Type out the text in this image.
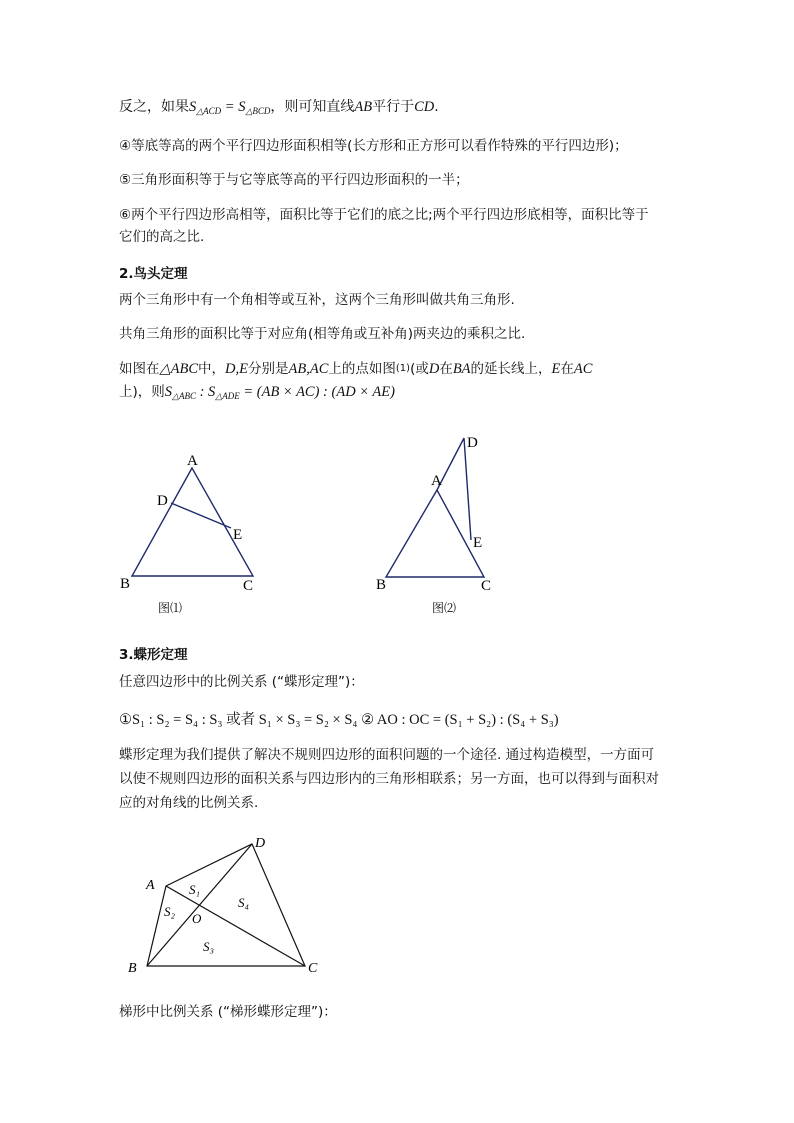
反之，如果$S_{\triangle ACD} = S_{\triangle BCD}$，则可知直线AB平行于CD.
④等底等高的两个平行四边形面积相等(长方形和正方形可以看作特殊的平行四边形)；
⑤三角形面积等于与它等底等高的平行四边形面积的一半；
⑥两个平行四边形高相等，面积比等于它们的底之比;两个平行四边形底相等，面积比等于
它们的高之比.
2.鸟头定理
两个三角形中有一个角相等或互补，这两个三角形叫做共角三角形.
共角三角形的面积比等于对应角(相等角或互补角)两夹边的乘积之比.
如图在△ABC中，D,E分别是AB,AC上的点如图(1)(或D在BA的延长线上，E在AC
上)，则$S_{\triangle ABC}$ : $S_{\triangle ADE} = (AB \times AC)$ : (AD × AE)
A
D
E
B	C
图⑴
D
A
E
B	C
图⑵
3.蝶形定理
任意四边形中的比例关系 (“蝶形定理”)：
①S₁ : S₂ = S₄ : S₃ 或者 S₁ × S₃ = S₂ × S₄ ② AO : OC = (S₁ + S₂) : (S₄ + S₃)
蝶形定理为我们提供了解决不规则四边形的面积问题的一个途径. 通过构造模型，一方面可
以使不规则四边形的面积关系与四边形内的三角形相联系；另一方面，也可以得到与面积对
应的对角线的比例关系.
A
D
B	C
O
S₁
S₂
S₃
S₄
梯形中比例关系 (“梯形蝶形定理”)：
